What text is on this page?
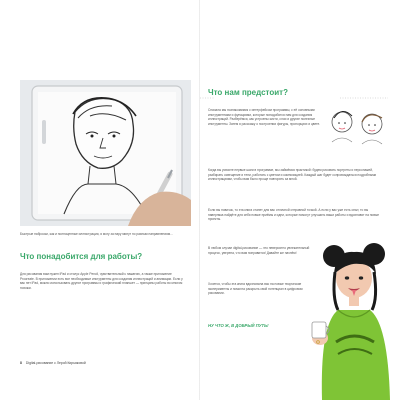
Быстрые наброски, как и полноценные иллюстрации, я могу за пару минут по разным направлениям...

Что понадобится для работы?

Для рисования вам нужен iPad и стилус Apple Pencil, чувствительный к нажатию, а также приложение Procreate. В приложении есть все необходимые инструменты для создания иллюстраций и анимации. Если у вас нет iPad, можно использовать другие программы и графический планшет — принципы работы во многом похожи.

8 Digital-рисование с Лерой Кирьяковой
Что нам предстоит?

Сначала мы познакомимся с интерфейсом программы, с её основными инструментами и функциями, которые понадобятся нам для создания иллюстраций. Разберёмся, как устроены кисти, слои и другие полезные инструменты. Затем я расскажу о построении фигуры, пропорциях и цвете.

Когда вы усвоите первые шаги в программе, мы займёмся практикой: будем рисовать портреты и персонажей, разбирать освещение и тени, работать с цветом и композицией. Каждый шаг будет сопровождаться подробными иллюстрациями, чтобы вам было проще повторять за мной.

Если вы новичок, то эта книга станет для вас отличной отправной точкой. А если у вас уже есть опыт, то вы наверняка найдёте для себя новые приёмы и идеи, которые помогут улучшить ваши работы и вдохновят на новые проекты.

В любом случае digital-рисование — это невероятно увлекательный процесс, уверена, что вам понравится! Давайте же начнём!

Хочется, чтобы эта книга вдохновила вас на новые творческие эксперименты и помогла раскрыть свой потенциал в цифровом рисовании.

НУ ЧТО Ж, В ДОБРЫЙ ПУТЬ!
